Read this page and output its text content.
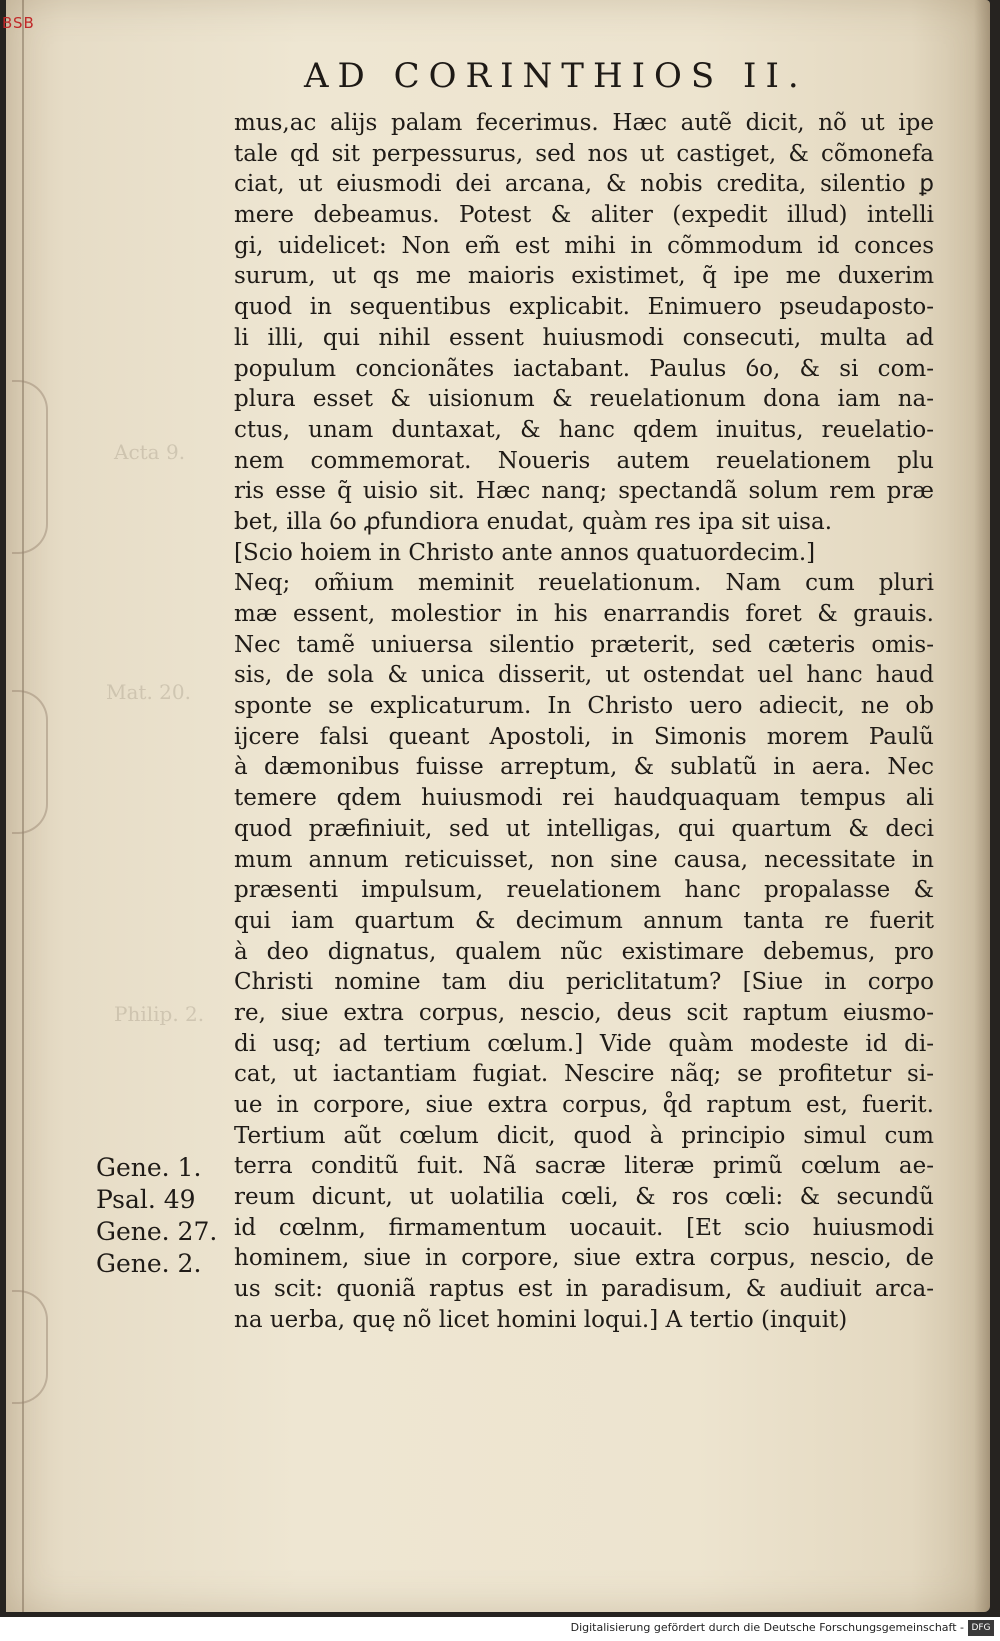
AD CORINTHIOS II.
Acta 9.
Mat. 20.
Philip. 2.
mus,ac alijs palam fecerimus. Hæc autẽ dicit, nõ ut ipe
tale qd sit perpessurus, sed nos ut castiget, & cõmonefa
ciat, ut eiusmodi dei arcana, & nobis credita, silentio ꝑ
mere debeamus. Potest & aliter (expedit illud) intelli
gi, uidelicet: Non em̃ est mihi in cõmmodum id conces
surum, ut qs me maioris existimet, q̃ ipe me duxerim
quod in sequentibus explicabit. Enimuero pseudaposto-
li illi, qui nihil essent huiusmodi consecuti, multa ad
populum concionãtes iactabant. Paulus ỽo, & si com-
plura esset & uisionum & reuelationum dona iam na-
ctus, unam duntaxat, & hanc qdem inuitus, reuelatio-
nem commemorat. Noueris autem reuelationem plu
ris esse q̃ uisio sit. Hæc nanq; spectandã solum rem præ
bet, illa ỽo ꝓfundiora enudat, quàm res ipa sit uisa.
[Scio hoiem in Christo ante annos quatuordecim.]
Neq; om̃ium meminit reuelationum. Nam cum pluri
mæ essent, molestior in his enarrandis foret & grauis.
Nec tamẽ uniuersa silentio præterit, sed cæteris omis-
sis, de sola & unica disserit, ut ostendat uel hanc haud
sponte se explicaturum. In Christo uero adiecit, ne ob
ijcere falsi queant Apostoli, in Simonis morem Paulũ
à dæmonibus fuisse arreptum, & sublatũ in aera. Nec
temere qdem huiusmodi rei haudquaquam tempus ali
quod præfiniuit, sed ut intelligas, qui quartum & deci
mum annum reticuisset, non sine causa, necessitate in
præsenti impulsum, reuelationem hanc propalasse &
qui iam quartum & decimum annum tanta re fuerit
à deo dignatus, qualem nũc existimare debemus, pro
Christi nomine tam diu periclitatum? [Siue in corpo
re, siue extra corpus, nescio, deus scit raptum eiusmo-
di usq; ad tertium cœlum.] Vide quàm modeste id di-
cat, ut iactantiam fugiat. Nescire nãq; se profitetur si-
ue in corpore, siue extra corpus, q̊d raptum est, fuerit.
Tertium aũt cœlum dicit, quod à principio simul cum
terra conditũ fuit. Nã sacræ literæ primũ cœlum ae-
reum dicunt, ut uolatilia cœli, & ros cœli: & secundũ
id cœlnm, firmamentum uocauit. [Et scio huiusmodi
hominem, siue in corpore, siue extra corpus, nescio, de
us scit: quoniã raptus est in paradisum, & audiuit arca-
na uerba, quę nõ licet homini loqui.] A tertio (inquit)
Gene. 1.
Psal. 49
Gene. 27.
Gene. 2.
BSB
Digitalisierung gefördert durch die Deutsche Forschungsgemeinschaft - DFG
